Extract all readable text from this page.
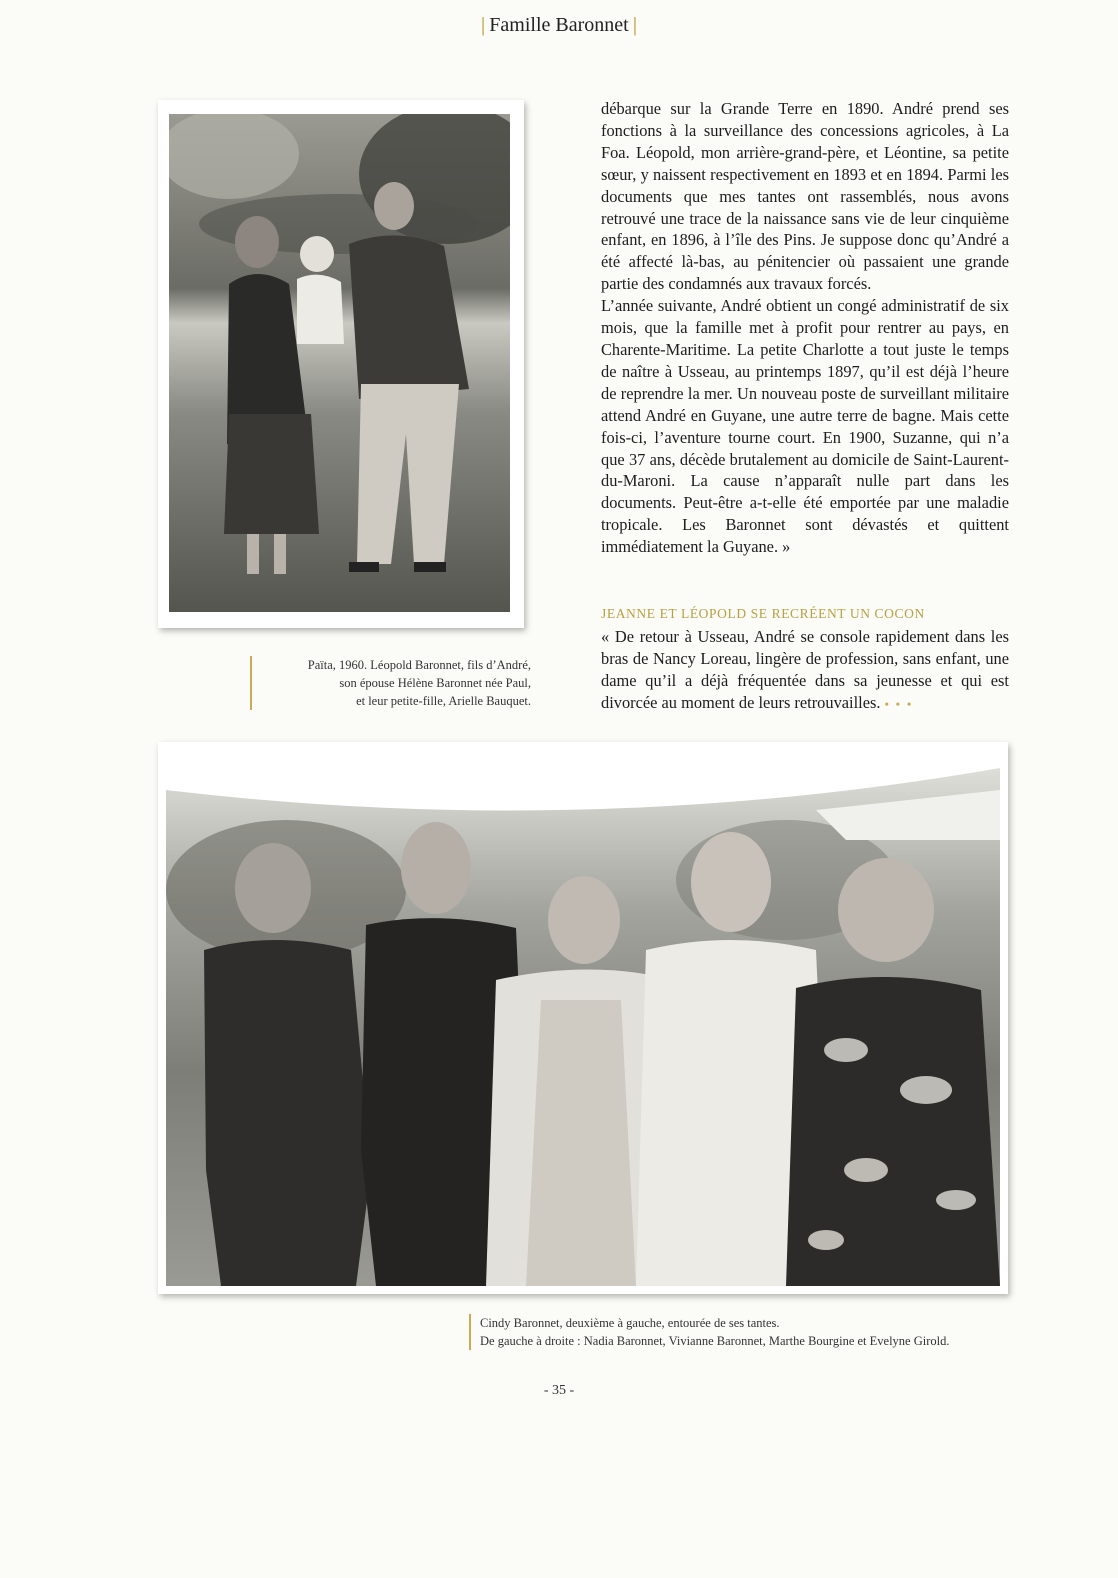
| Famille Baronnet |

Païta, 1960. Léopold Baronnet, fils d’André,

son épouse Hélène Baronnet née Paul,

et leur petite-fille, Arielle Bauquet.

débarque sur la Grande Terre en 1890. André prend ses fonctions à la surveillance des concessions agricoles, à La Foa. Léopold, mon arrière-grand-père, et Léontine, sa petite sœur, y naissent respectivement en 1893 et en 1894. Parmi les documents que mes tantes ont rassemblés, nous avons retrouvé une trace de la naissance sans vie de leur cinquième enfant, en 1896, à l’île des Pins. Je suppose donc qu’André a été affecté là-bas, au pénitencier où passaient une grande partie des condamnés aux travaux forcés.

L’année suivante, André obtient un congé administratif de six mois, que la famille met à profit pour rentrer au pays, en Charente-Maritime. La petite Charlotte a tout juste le temps de naître à Usseau, au printemps 1897, qu’il est déjà l’heure de reprendre la mer. Un nouveau poste de surveillant militaire attend André en Guyane, une autre terre de bagne. Mais cette fois-ci, l’aventure tourne court. En 1900, Suzanne, qui n’a que 37 ans, décède brutalement au domicile de Saint-Laurent-du-Maroni. La cause n’apparaît nulle part dans les documents. Peut-être a-t-elle été emportée par une maladie tropicale. Les Baronnet sont dévastés et quittent immédiatement la Guyane. »

JEANNE ET LÉOPOLD SE RECRÉENT UN COCON

« De retour à Usseau, André se console rapidement dans les bras de Nancy Loreau, lingère de profession, sans enfant, une dame qu’il a déjà fréquentée dans sa jeunesse et qui est divorcée au moment de leurs retrouvailles. • • •

Cindy Baronnet, deuxième à gauche, entourée de ses tantes.

De gauche à droite : Nadia Baronnet, Vivianne Baronnet, Marthe Bourgine et Evelyne Girold.

- 35 -
